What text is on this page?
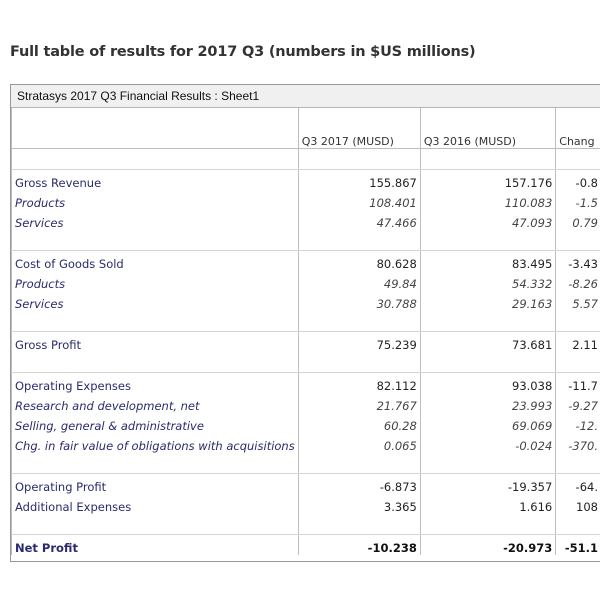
Full table of results for 2017 Q3 (numbers in $US millions)
Stratasys 2017 Q3 Financial Results : Sheet1

	Q3 2017 (MUSD)	Q3 2016 (MUSD)	Chang

Gross Revenue	155.867	157.176	-0.8
Products	108.401	110.083	-1.5
Services	47.466	47.093	0.79

Cost of Goods Sold	80.628	83.495	-3.43
Products	49.84	54.332	-8.26
Services	30.788	29.163	5.57

Gross Profit	75.239	73.681	2.11

Operating Expenses	82.112	93.038	-11.7
Research and development, net	21.767	23.993	-9.27
Selling, general & administrative	60.28	69.069	-12.
Chg. in fair value of obligations with acquisitions	0.065	-0.024	-370.

Operating Profit	-6.873	-19.357	-64.
Additional Expenses	3.365	1.616	108

Net Profit	-10.238	-20.973	-51.1
